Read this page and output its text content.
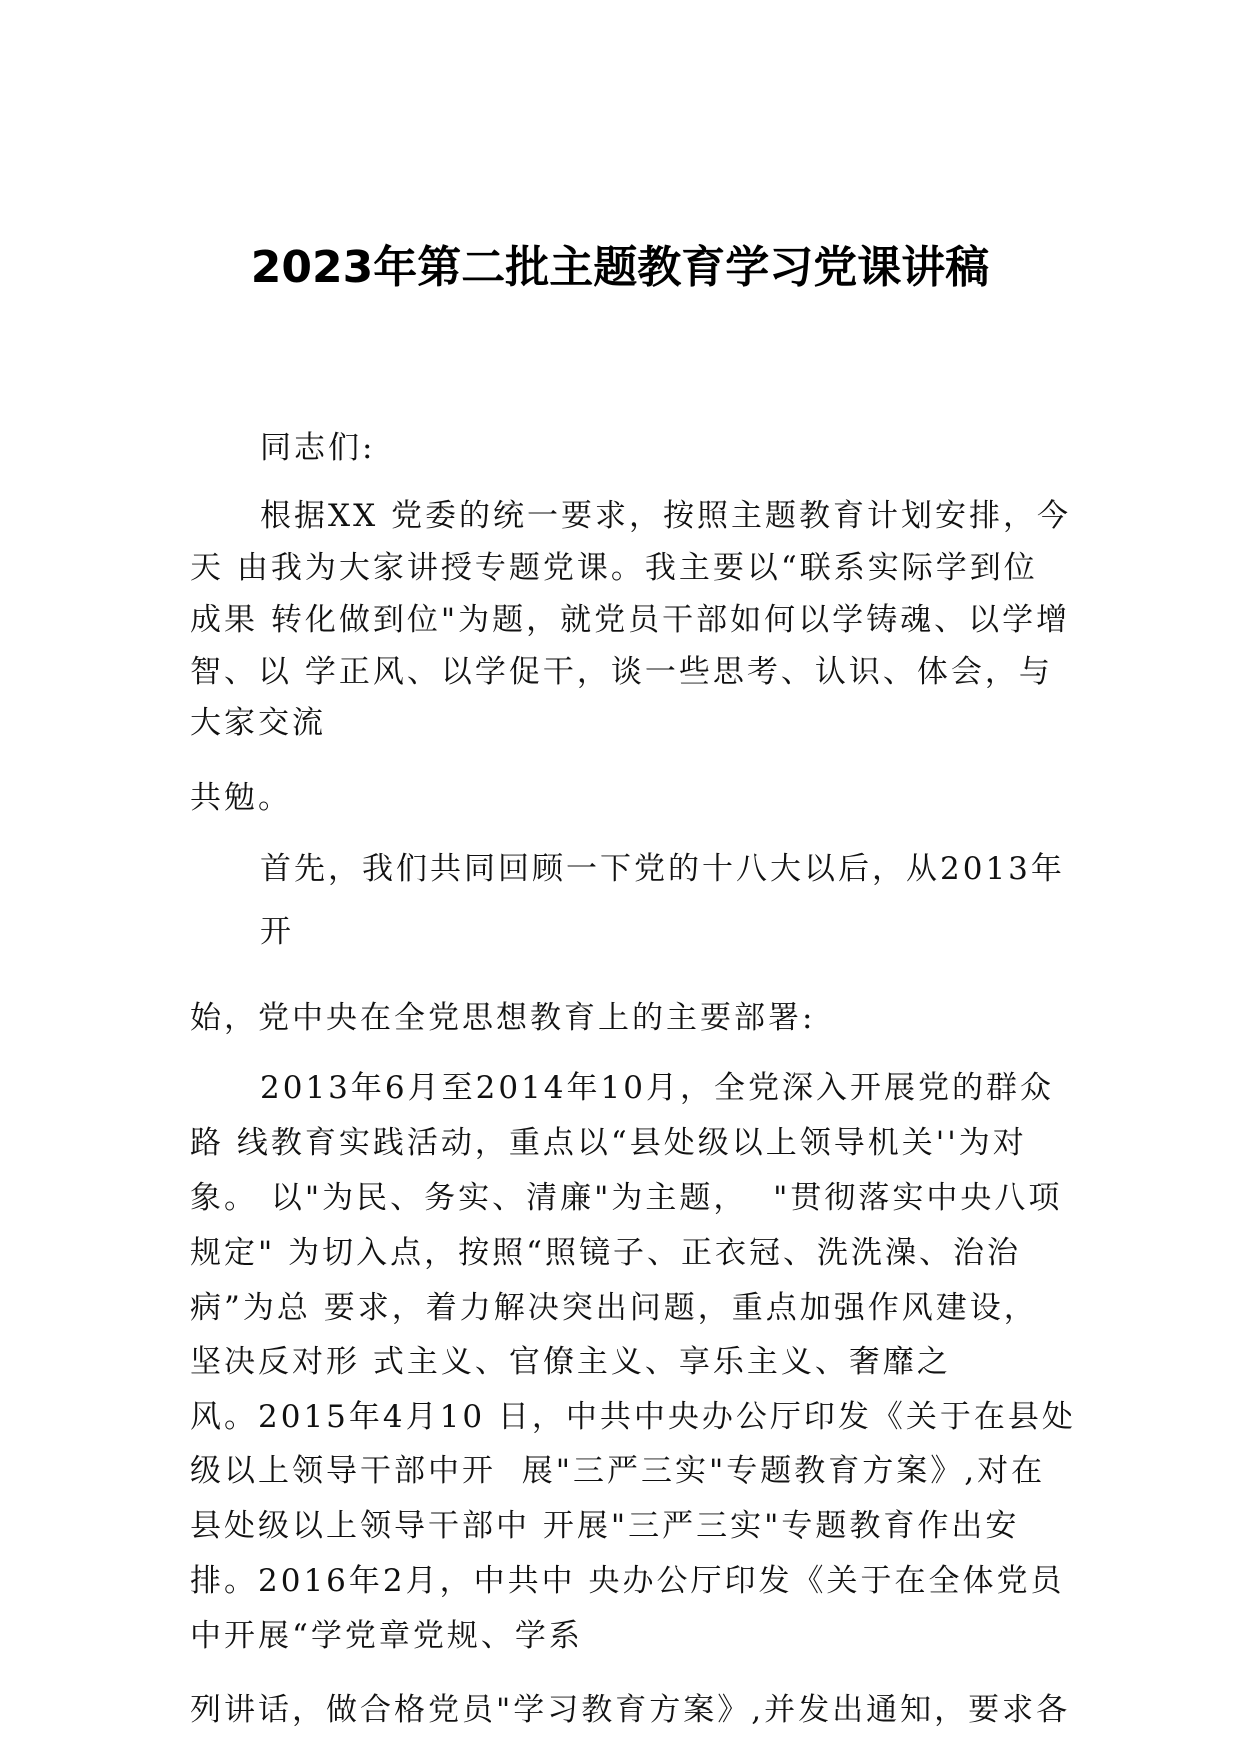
2023年第二批主题教育学习党课讲稿
同志们:
根据XX 党委的统一要求，按照主题教育计划安排，今
天 由我为大家讲授专题党课。我主要以“联系实际学到位
成果 转化做到位"为题，就党员干部如何以学铸魂、以学增
智、以 学正风、以学促干，谈一些思考、认识、体会，与
大家交流
共勉。
首先，我们共同回顾一下党的十八大以后，从2013年
开
始，党中央在全党思想教育上的主要部署:
2013年6月至2014年10月，全党深入开展党的群众
路 线教育实践活动，重点以“县处级以上领导机关''为对
象。 以"为民、务实、清廉"为主题，  "贯彻落实中央八项
规定" 为切入点，按照“照镜子、正衣冠、洗洗澡、治治
病”为总 要求，着力解决突出问题，重点加强作风建设，
坚决反对形 式主义、官僚主义、享乐主义、奢靡之
风。2015年4月10 日，中共中央办公厅印发《关于在县处
级以上领导干部中开  展"三严三实"专题教育方案》,对在
县处级以上领导干部中 开展"三严三实"专题教育作出安
排。2016年2月，中共中 央办公厅印发《关于在全体党员
中开展“学党章党规、学系
列讲话，做合格党员"学习教育方案》,并发出通知，要求各
